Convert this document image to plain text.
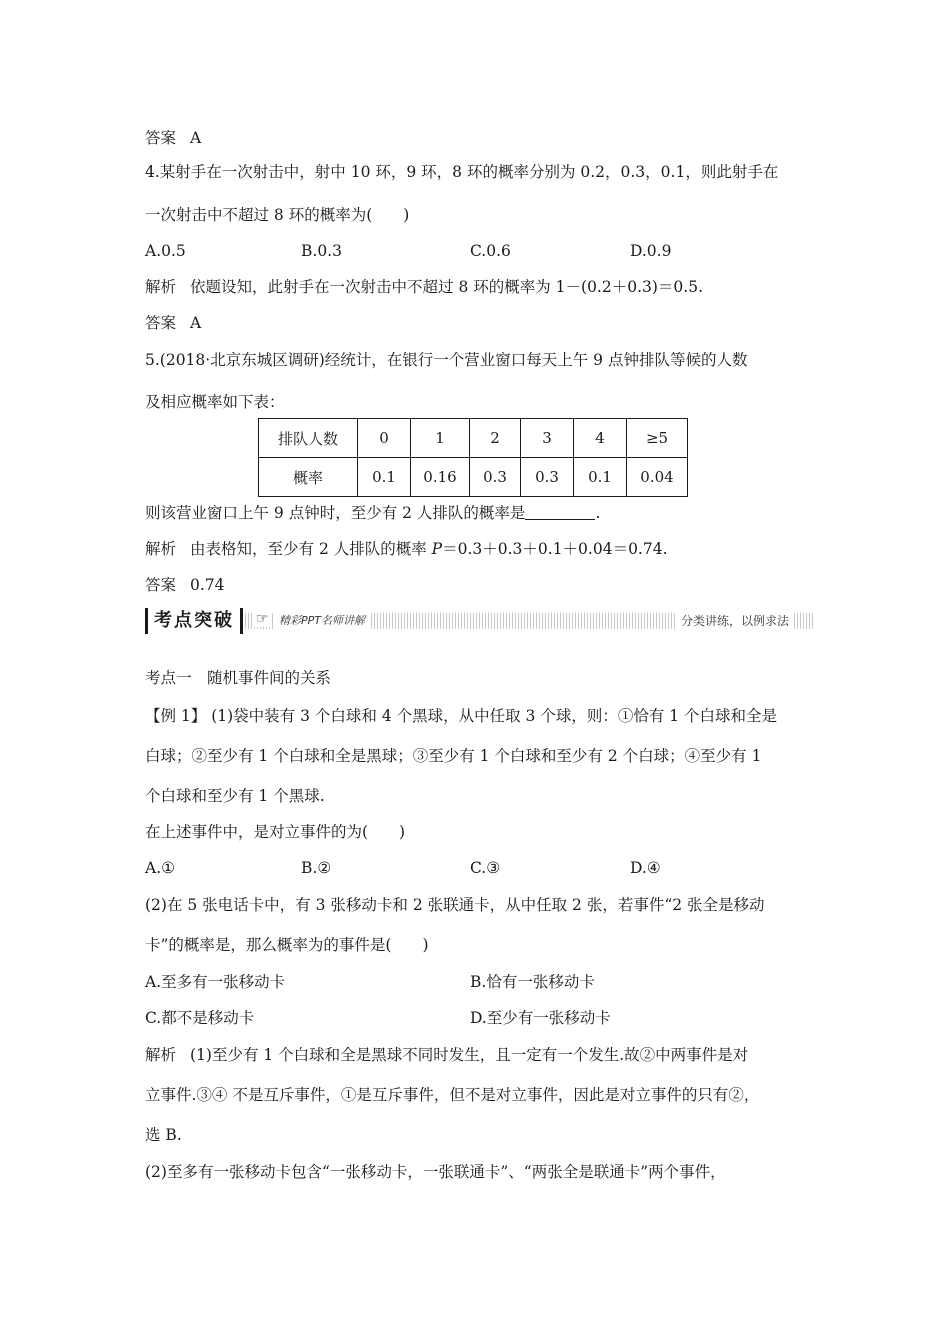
答案 A
4.某射手在一次射击中，射中 10 环，9 环，8 环的概率分别为 0.2，0.3，0.1，则此射手在
一次射击中不超过 8 环的概率为(　　)
A.0.5	B.0.3	C.0.6	D.0.9
解析 依题设知，此射手在一次射击中不超过 8 环的概率为 1－(0.2＋0.3)＝0.5.
答案 A
5.(2018·北京东城区调研)经统计，在银行一个营业窗口每天上午 9 点钟排队等候的人数
及相应概率如下表：
排队人数	0	1	2	3	4	≥5
概率	0.1	0.16	0.3	0.3	0.1	0.04
则该营业窗口上午 9 点钟时，至少有 2 人排队的概率是	.
解析 由表格知，至少有 2 人排队的概率 P＝0.3＋0.3＋0.1＋0.04＝0.74.
答案 0.74
考点突破	☞ 精彩PPT名师讲解	分类讲练，以例求法
考点一　随机事件间的关系
【例 1】 (1)袋中装有 3 个白球和 4 个黑球，从中任取 3 个球，则：①恰有 1 个白球和全是
白球；②至少有 1 个白球和全是黑球；③至少有 1 个白球和至少有 2 个白球；④至少有 1
个白球和至少有 1 个黑球.
在上述事件中，是对立事件的为(　　)
A.①	B.②	C.③	D.④
(2)在 5 张电话卡中，有 3 张移动卡和 2 张联通卡，从中任取 2 张，若事件“2 张全是移动
卡”的概率是，那么概率为的事件是(　　)
A.至多有一张移动卡	B.恰有一张移动卡
C.都不是移动卡	D.至少有一张移动卡
解析 (1)至少有 1 个白球和全是黑球不同时发生，且一定有一个发生.故②中两事件是对
立事件.③④ 不是互斥事件，①是互斥事件，但不是对立事件，因此是对立事件的只有②，
选 B.
(2)至多有一张移动卡包含“一张移动卡，一张联通卡”、“两张全是联通卡”两个事件，
